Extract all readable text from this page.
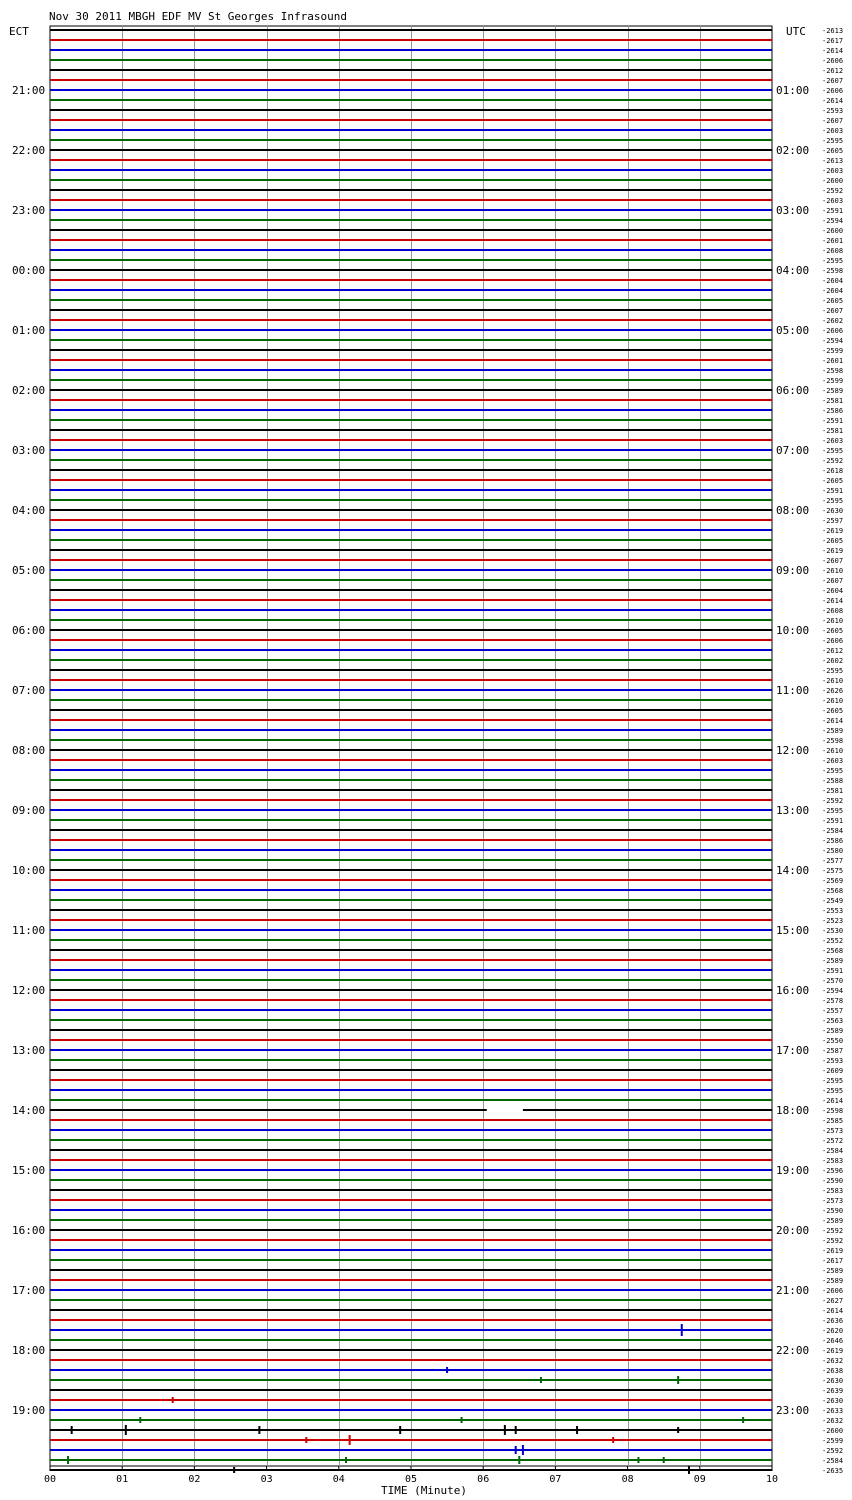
Nov 30 2011 MBGH EDF MV St Georges Infrasound
ECT	UTC
21:00
22:00
23:00
00:00
01:00
02:00
03:00
04:00
05:00
06:00
07:00
08:00
09:00
10:00
11:00
12:00
13:00
14:00
15:00
16:00
17:00
18:00
19:00
01:00
02:00
03:00
04:00
05:00
06:00
07:00
08:00
09:00
10:00
11:00
12:00
13:00
14:00
15:00
16:00
17:00
18:00
19:00
20:00
21:00
22:00
23:00
-2613
-2617
-2614
-2606
-2612
-2607
-2606
-2614
-2593
-2607
-2603
-2595
-2605
-2613
-2603
-2600
-2592
-2603
-2591
-2594
-2600
-2601
-2608
-2595
-2598
-2604
-2604
-2605
-2607
-2602
-2606
-2594
-2599
-2601
-2598
-2599
-2589
-2581
-2586
-2591
-2581
-2603
-2595
-2592
-2618
-2605
-2591
-2595
-2630
-2597
-2619
-2605
-2619
-2607
-2610
-2607
-2604
-2614
-2608
-2610
-2605
-2606
-2612
-2602
-2595
-2610
-2626
-2610
-2605
-2614
-2589
-2598
-2610
-2603
-2595
-2588
-2581
-2592
-2595
-2591
-2584
-2586
-2580
-2577
-2575
-2569
-2568
-2549
-2553
-2523
-2530
-2552
-2568
-2589
-2591
-2570
-2594
-2578
-2557
-2563
-2589
-2550
-2587
-2593
-2609
-2595
-2595
-2614
-2598
-2585
-2573
-2572
-2584
-2583
-2596
-2590
-2583
-2573
-2590
-2589
-2592
-2592
-2619
-2617
-2589
-2589
-2606
-2627
-2614
-2636
-2620
-2646
-2619
-2632
-2638
-2630
-2639
-2630
-2633
-2632
-2600
-2599
-2592
-2584
-2635
00	01	02	03	04	05	06	07	08	09	10
TIME (Minute)
